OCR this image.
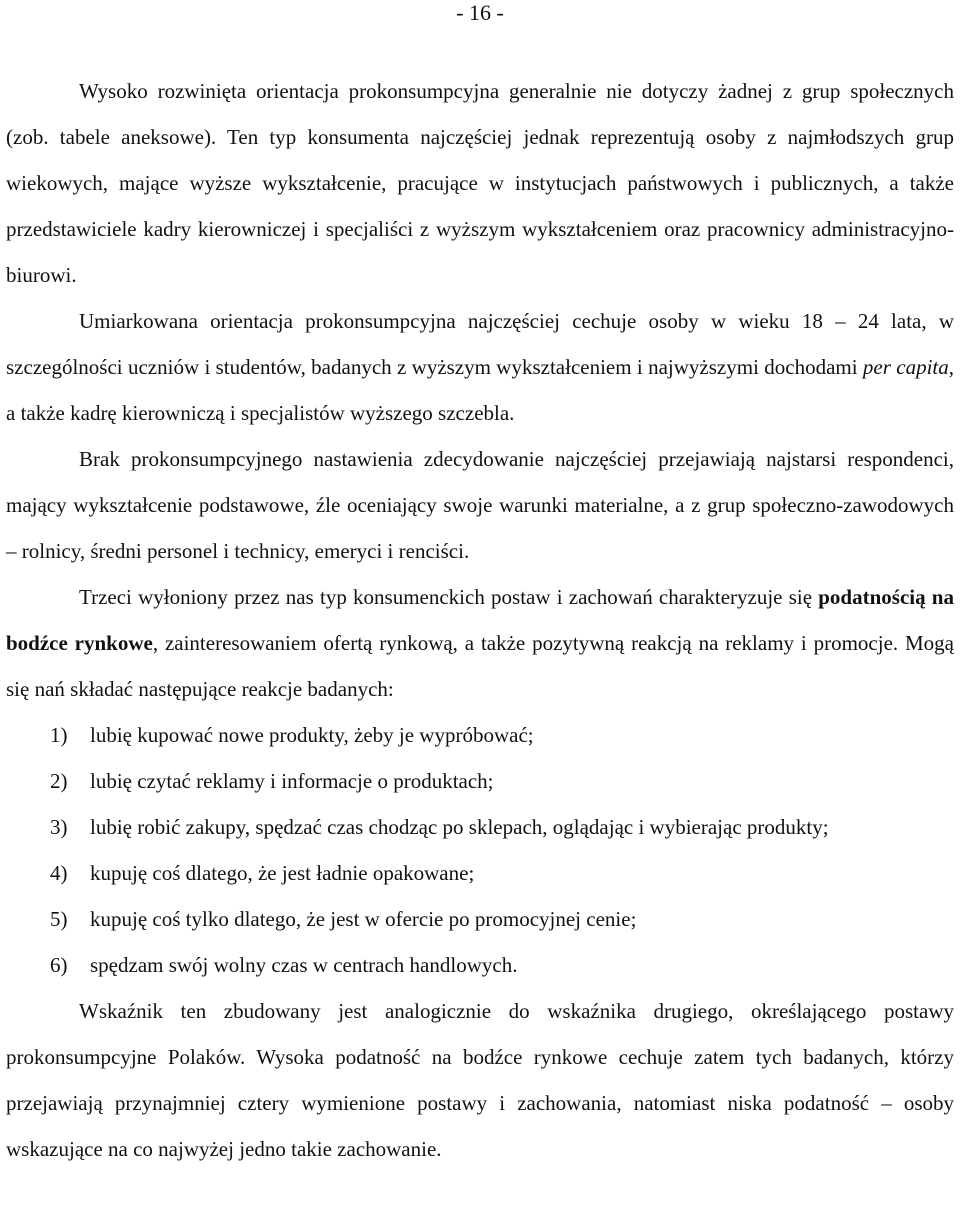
- 16 -

Wysoko rozwinięta orientacja prokonsumpcyjna generalnie nie dotyczy żadnej z grup społecznych (zob. tabele aneksowe). Ten typ konsumenta najczęściej jednak reprezentują osoby z najmłodszych grup wiekowych, mające wyższe wykształcenie, pracujące w instytucjach państwowych i publicznych, a także przedstawiciele kadry kierowniczej i specjaliści z wyższym wykształceniem oraz pracownicy administracyjno-biurowi.

Umiarkowana orientacja prokonsumpcyjna najczęściej cechuje osoby w wieku 18 – 24 lata, w szczególności uczniów i studentów, badanych z wyższym wykształceniem i najwyższymi dochodami per capita, a także kadrę kierowniczą i specjalistów wyższego szczebla.

Brak prokonsumpcyjnego nastawienia zdecydowanie najczęściej przejawiają najstarsi respondenci, mający wykształcenie podstawowe, źle oceniający swoje warunki materialne, a z grup społeczno-zawodowych – rolnicy, średni personel i technicy, emeryci i renciści.

Trzeci wyłoniony przez nas typ konsumenckich postaw i zachowań charakteryzuje się podatnością na bodźce rynkowe, zainteresowaniem ofertą rynkową, a także pozytywną reakcją na reklamy i promocje. Mogą się nań składać następujące reakcje badanych:

1) lubię kupować nowe produkty, żeby je wypróbować;
2) lubię czytać reklamy i informacje o produktach;
3) lubię robić zakupy, spędzać czas chodząc po sklepach, oglądając i wybierając produkty;
4) kupuję coś dlatego, że jest ładnie opakowane;
5) kupuję coś tylko dlatego, że jest w ofercie po promocyjnej cenie;
6) spędzam swój wolny czas w centrach handlowych.

Wskaźnik ten zbudowany jest analogicznie do wskaźnika drugiego, określającego postawy prokonsumpcyjne Polaków. Wysoka podatność na bodźce rynkowe cechuje zatem tych badanych, którzy przejawiają przynajmniej cztery wymienione postawy i zachowania, natomiast niska podatność – osoby wskazujące na co najwyżej jedno takie zachowanie.
